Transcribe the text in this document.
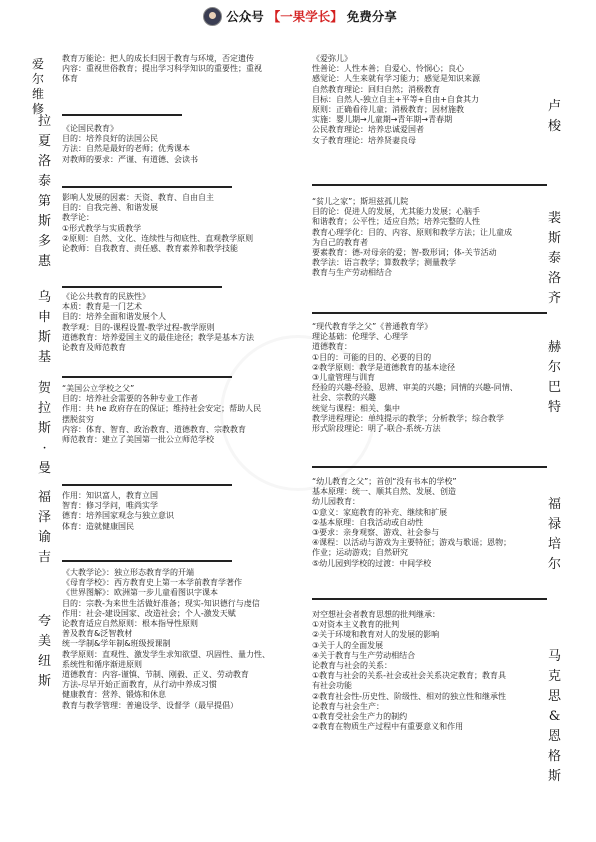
公众号 【一果学长】 免费分享
爱尔
维修
教育万能论：把人的成长归因于教育与环境，否定遗传
内容：重视世俗教育；提出学习科学知识的重要性；重视
体育
拉
夏
洛
泰
《论国民教育》
目的：培养良好的法国公民
方法：自然是最好的老师；优秀课本
对教师的要求：严谨、有道德、会读书
第
斯
多
惠
影响人发展的因素：天资、教育、自由自主
目的：自我完善、和谐发展
教学论：
①形式教学与实质教学
②原则：自然、文化、连续性与彻底性、直观教学原则
论教师：自我教育、责任感、教育素养和教学技能
乌
申
斯
基
《论公共教育的民族性》
本质：教育是一门艺术
目的：培养全面和谐发展个人
教学观：目的-课程设置-教学过程-教学原则
道德教育：培养爱国主义的最佳途径；教学是基本方法
论教育及师范教育
贺
拉
斯
·
曼
“美国公立学校之父”
目的：培养社会需要的各种专业工作者
作用：共 he 政府存在的保证；维持社会安定；帮助人民
摆脱贫穷
内容：体育、智育、政治教育、道德教育、宗教教育
师范教育：建立了美国第一批公立师范学校
福
泽
谕
吉
作用：知识富人，教育立国
智育：修习学问，唯尚实学
德育：培养国家观念与独立意识
体育：造就健康国民
夸
美
纽
斯
《大教学论》：独立形态教育学的开端
《母育学校》：西方教育史上第一本学前教育学著作
《世界图解》：欧洲第一步儿童看图识字课本
目的：宗教-为来世生活做好准备；现实-知识德行与虔信
作用：社会-建设国家、改造社会；个人-激发天赋
论教育适应自然原则：根本指导性原则
普及教育&泛智教材
统一学制&学年制&班级授课制
教学原则：直观性、激发学生求知欲望、巩固性、量力性、
系统性和循序渐进原则
道德教育：内容-谨慎、节制、刚毅、正义、劳动教育
方法-尽早开始正面教育，从行动中养成习惯
健康教育：营养、锻炼和休息
教育与教学管理：普遍设学、设督学（最早提倡）
卢
梭
《爱弥儿》
性善论：人性本善；自爱心、怜悯心；良心
感觉论：人生来就有学习能力；感觉是知识来源
自然教育理论：回归自然；消极教育
目标：自然人-独立自主+平等+自由+自食其力
原则：正确看待儿童；消极教育；因材施教
实施：婴儿期→儿童期→青年期→青春期
公民教育理论：培养忠诚爱国者
女子教育理论：培养贤妻良母
裴
斯
泰
洛
齐
“贫儿之家”；斯坦兹孤儿院
目的论：促进人的发展，尤其能力发展；心脑手
和谐教育；公平性；适应自然；培养完整的人性
教育心理学化：目的、内容、原则和教学方法；让儿童成
为自己的教育者
要素教育：德-对母亲的爱；智-数形词；体-关节活动
教学法：语言教学；算数教学；测量教学
教育与生产劳动相结合
赫
尔
巴
特
“现代教育学之父”《普通教育学》
理论基础：伦理学、心理学
道德教育：
①目的：可能的目的、必要的目的
②教学原则：教学是道德教育的基本途径
③儿童管理与训育
经验的兴趣-经验、思辨、审美的兴趣；同情的兴趣-同情、
社会、宗教的兴趣
统觉与课程：相关、集中
教学进程理论：单纯提示的教学；分析教学；综合教学
形式阶段理论：明了-联合-系统-方法
福
禄
培
尔
“幼儿教育之父”；首创“没有书本的学校”
基本原理：统一、顺其自然、发展、创造
幼儿园教育：
①意义：家庭教育的补充、继续和扩展
②基本原理：自我活动或自动性
③要求：亲身观察、游戏、社会参与
④课程：以活动与游戏为主要特征；游戏与歌谣；恩物；
作业；运动游戏；自然研究
⑤幼儿园到学校的过渡：中间学校
马
克
思
&
恩
格
斯
对空想社会者教育思想的批判继承：
①对资本主义教育的批判
②关于环境和教育对人的发展的影响
③关于人的全面发展
④关于教育与生产劳动相结合
论教育与社会的关系：
①教育与社会的关系-社会或社会关系决定教育；教育具
有社会功能
②教育社会性-历史性、阶级性、相对的独立性和继承性
论教育与社会生产：
①教育受社会生产力的制约
②教育在物质生产过程中有重要意义和作用
